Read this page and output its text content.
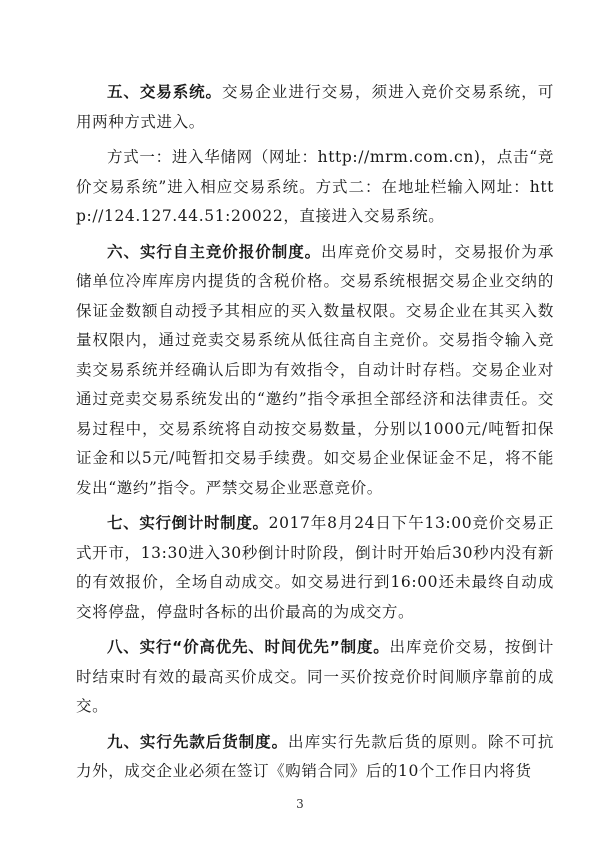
五、交易系统。交易企业进行交易，须进入竞价交易系统，可用两种方式进入。

方式一：进入华储网（网址：http://mrm.com.cn)，点击“竞价交易系统”进入相应交易系统。方式二：在地址栏输入网址：http://124.127.44.51:20022，直接进入交易系统。

六、实行自主竞价报价制度。出库竞价交易时，交易报价为承储单位冷库库房内提货的含税价格。交易系统根据交易企业交纳的保证金数额自动授予其相应的买入数量权限。交易企业在其买入数量权限内，通过竞卖交易系统从低往高自主竞价。交易指令输入竞卖交易系统并经确认后即为有效指令，自动计时存档。交易企业对通过竞卖交易系统发出的“邀约”指令承担全部经济和法律责任。交易过程中，交易系统将自动按交易数量，分别以1000元/吨暂扣保证金和以5元/吨暂扣交易手续费。如交易企业保证金不足，将不能发出“邀约”指令。严禁交易企业恶意竞价。

七、实行倒计时制度。2017年8月24日下午13:00竞价交易正式开市，13:30进入30秒倒计时阶段，倒计时开始后30秒内没有新的有效报价，全场自动成交。如交易进行到16:00还未最终自动成交将停盘，停盘时各标的出价最高的为成交方。

八、实行“价高优先、时间优先”制度。出库竞价交易，按倒计时结束时有效的最高买价成交。同一买价按竞价时间顺序靠前的成交。

九、实行先款后货制度。出库实行先款后货的原则。除不可抗力外，成交企业必须在签订《购销合同》后的10个工作日内将货

3
